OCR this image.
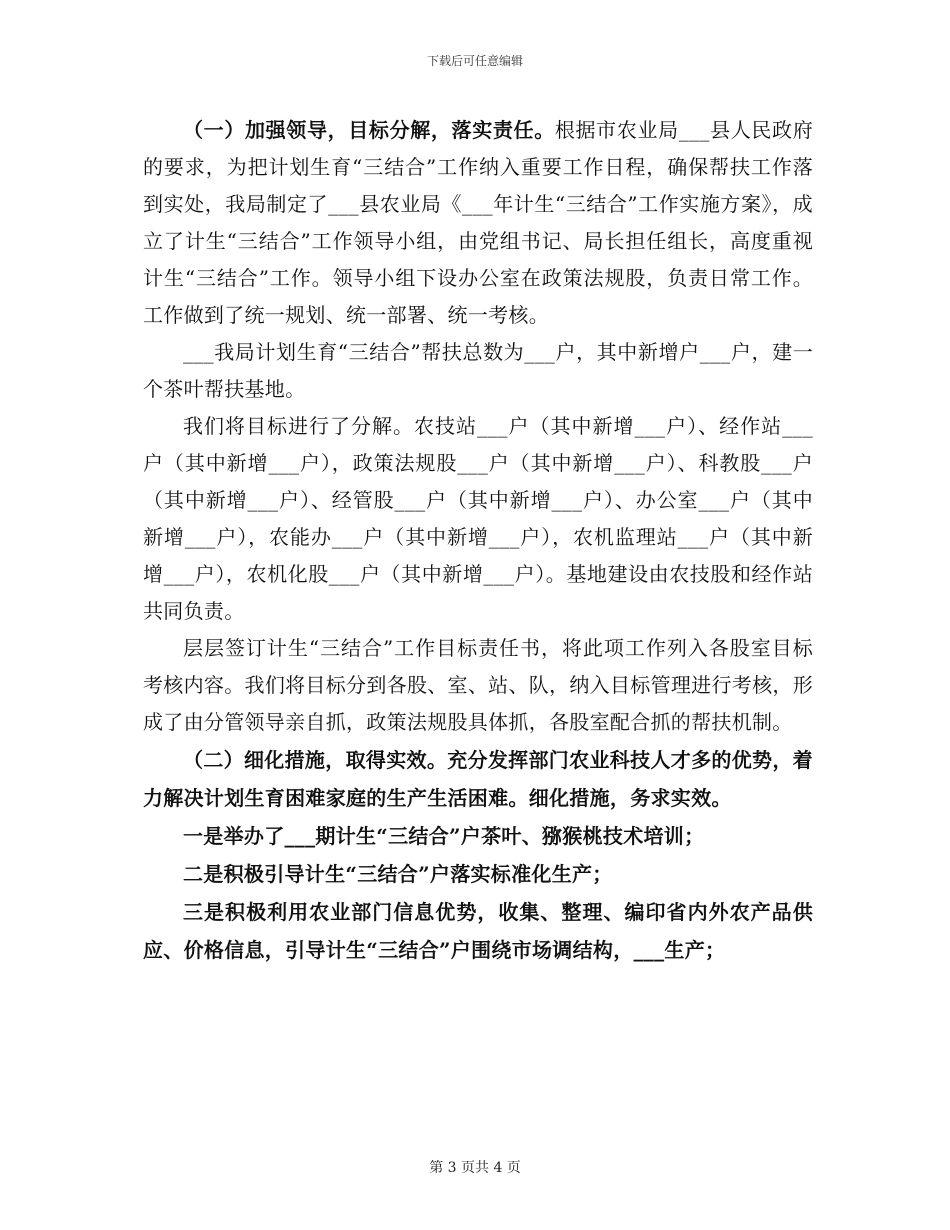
下载后可任意编辑

（一）加强领导，目标分解，落实责任。根据市农业局___县人民政府的要求，为把计划生育“三结合”工作纳入重要工作日程，确保帮扶工作落到实处，我局制定了___县农业局《___年计生“三结合”工作实施方案》，成立了计生“三结合”工作领导小组，由党组书记、局长担任组长，高度重视计生“三结合”工作。领导小组下设办公室在政策法规股，负责日常工作。工作做到了统一规划、统一部署、统一考核。

___我局计划生育“三结合”帮扶总数为___户，其中新增户___户，建一个茶叶帮扶基地。

我们将目标进行了分解。农技站___户（其中新增___户）、经作站___户（其中新增___户），政策法规股___户（其中新增___户）、科教股___户（其中新增___户）、经管股___户（其中新增___户）、办公室___户（其中新增___户），农能办___户（其中新增___户），农机监理站___户（其中新增___户），农机化股___户（其中新增___户）。基地建设由农技股和经作站共同负责。

层层签订计生“三结合”工作目标责任书，将此项工作列入各股室目标考核内容。我们将目标分到各股、室、站、队，纳入目标管理进行考核，形成了由分管领导亲自抓，政策法规股具体抓，各股室配合抓的帮扶机制。

（二）细化措施，取得实效。充分发挥部门农业科技人才多的优势，着力解决计划生育困难家庭的生产生活困难。细化措施，务求实效。

一是举办了___期计生“三结合”户茶叶、猕猴桃技术培训；

二是积极引导计生“三结合”户落实标准化生产；

三是积极利用农业部门信息优势，收集、整理、编印省内外农产品供应、价格信息，引导计生“三结合”户围绕市场调结构，___生产；

第 3 页共 4 页
